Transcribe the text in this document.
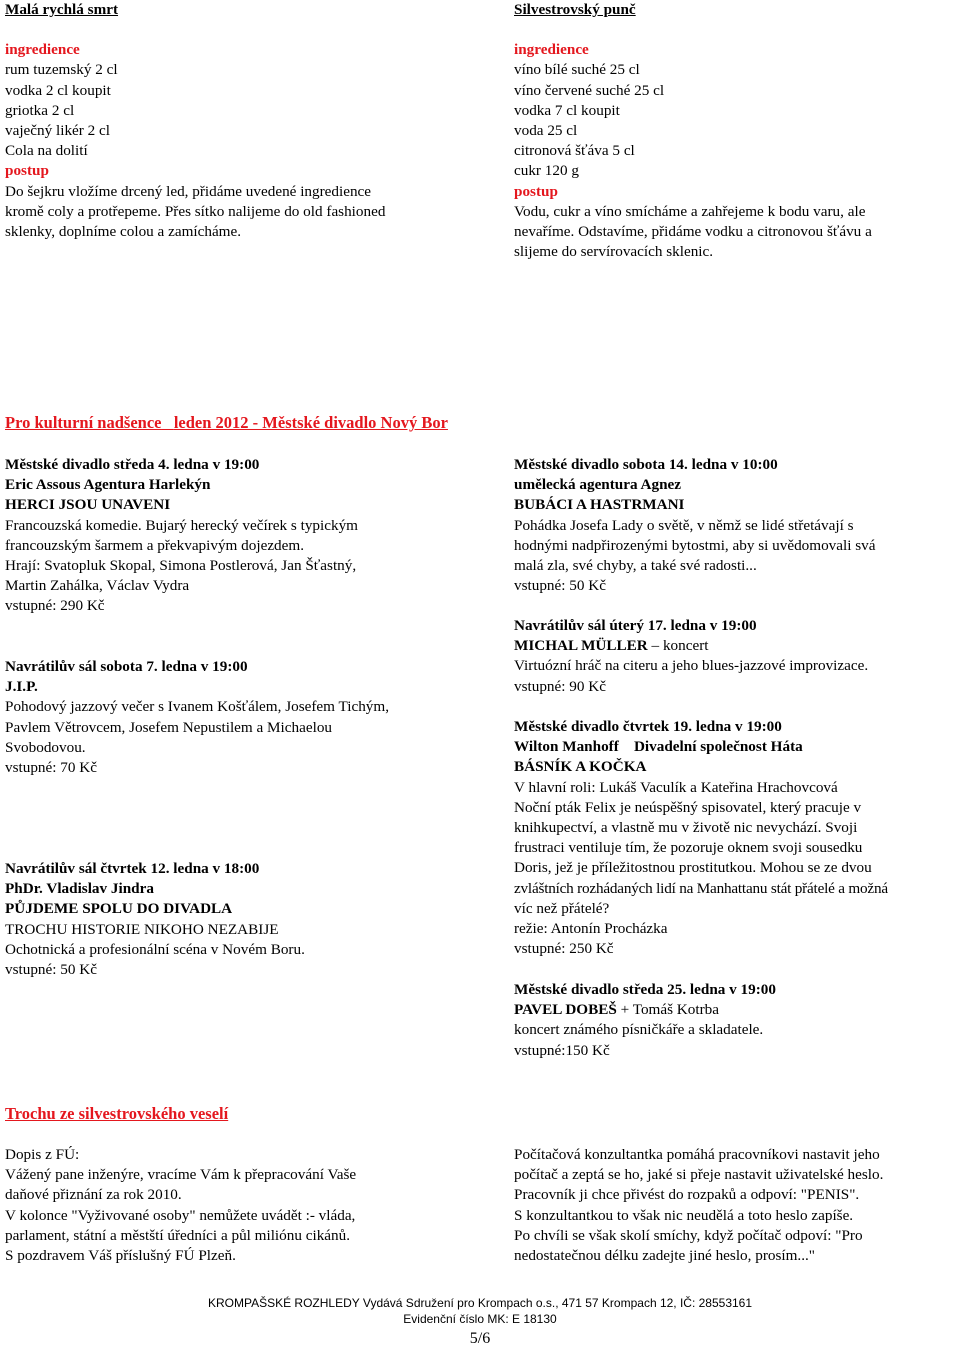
Malá rychlá smrt
ingredience
rum tuzemský 2 cl
vodka 2 cl koupit
griotka 2 cl
vaječný likér 2 cl
Cola na dolití
postup
Do šejkru vložíme drcený led, přidáme uvedené ingredience
kromě coly a protřepeme. Přes sítko nalijeme do old fashioned
sklenky, doplníme colou a zamícháme.
Silvestrovský punč
ingredience
víno bílé suché 25 cl
víno červené suché 25 cl
vodka 7 cl koupit
voda 25 cl
citronová šťáva 5 cl
cukr 120 g
postup
Vodu, cukr a víno smícháme a zahřejeme k bodu varu, ale
nevaříme. Odstavíme, přidáme vodku a citronovou šťávu a
slijeme do servírovacích sklenic.
Pro kulturní nadšence leden 2012 - Městské divadlo Nový Bor
Městské divadlo středa 4. ledna v 19:00
Eric Assous Agentura Harlekýn
HERCI JSOU UNAVENI
Francouzská komedie. Bujarý herecký večírek s typickým
francouzským šarmem a překvapivým dojezdem.
Hrají: Svatopluk Skopal, Simona Postlerová, Jan Šťastný,
Martin Zahálka, Václav Vydra
vstupné: 290 Kč
Navrátilův sál sobota 7. ledna v 19:00
J.I.P.
Pohodový jazzový večer s Ivanem Košťálem, Josefem Tichým,
Pavlem Větrovcem, Josefem Nepustilem a Michaelou
Svobodovou.
vstupné: 70 Kč
Navrátilův sál čtvrtek 12. ledna v 18:00
PhDr. Vladislav Jindra
PŮJDEME SPOLU DO DIVADLA
TROCHU HISTORIE NIKOHO NEZABIJE
Ochotnická a profesionální scéna v Novém Boru.
vstupné: 50 Kč
Městské divadlo sobota 14. ledna v 10:00
umělecká agentura Agnez
BUBÁCI A HASTRMANI
Pohádka Josefa Lady o světě, v němž se lidé střetávají s
hodnými nadpřirozenými bytostmi, aby si uvědomovali svá
malá zla, své chyby, a také své radosti...
vstupné: 50 Kč
Navrátilův sál úterý 17. ledna v 19:00
MICHAL MÜLLER – koncert
Virtuózní hráč na citeru a jeho blues-jazzové improvizace.
vstupné: 90 Kč
Městské divadlo čtvrtek 19. ledna v 19:00
Wilton Manhoff    Divadelní společnost Háta
BÁSNÍK A KOČKA
V hlavní roli: Lukáš Vaculík a Kateřina Hrachovcová
Noční pták Felix je neúspěšný spisovatel, který pracuje v
knihkupectví, a vlastně mu v životě nic nevychází. Svoji
frustraci ventiluje tím, že pozoruje oknem svoji sousedku
Doris, jež je příležitostnou prostitutkou. Mohou se ze dvou
zvláštních rozhádaných lidí na Manhattanu stát přátelé a možná
víc než přátelé?
režie: Antonín Procházka
vstupné: 250 Kč
Městské divadlo středa 25. ledna v 19:00
PAVEL DOBEŠ + Tomáš Kotrba
koncert známého písničkáře a skladatele.
vstupné:150 Kč
Trochu ze silvestrovského veselí
Dopis z FÚ:
Vážený pane inženýre, vracíme Vám k přepracování Vaše
daňové přiznání za rok 2010.
V kolonce "Vyživované osoby" nemůžete uvádět :- vláda,
parlament, státní a městští úředníci a půl miliónu cikánů.
S pozdravem Váš příslušný FÚ Plzeň.
Počítačová konzultantka pomáhá pracovníkovi nastavit jeho
počítač a zeptá se ho, jaké si přeje nastavit uživatelské heslo.
Pracovník ji chce přivést do rozpaků a odpoví: "PENIS".
S konzultantkou to však nic neudělá a toto heslo zapíše.
Po chvíli se však skolí smíchy, když počítač odpoví: "Pro
nedostatečnou délku zadejte jiné heslo, prosím..."
KROMPAŠSKÉ ROZHLEDY Vydává Sdružení pro Krompach o.s., 471 57 Krompach 12, IČ: 28553161
Evidenční číslo MK: E 18130
5/6
